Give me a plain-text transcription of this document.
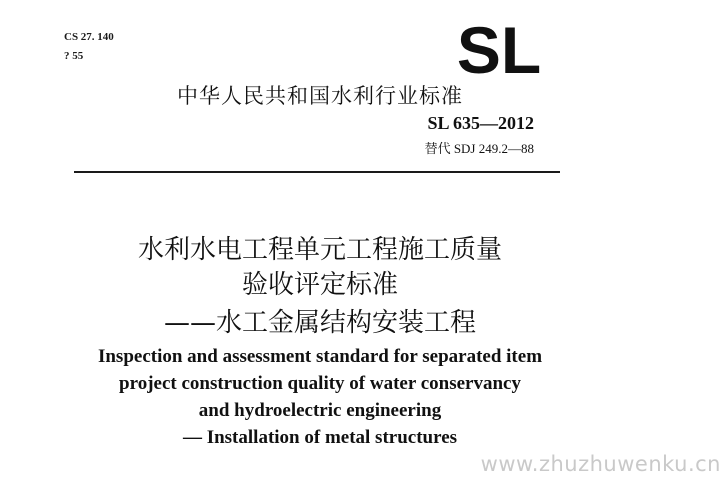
CS 27. 140
? 55	SL
中华人民共和国水利行业标准
SL 635—2012
替代 SDJ 249.2—88
水利水电工程单元工程施工质量
验收评定标准
——水工金属结构安装工程
Inspection and assessment standard for separated item
project construction quality of water conservancy
and hydroelectric engineering
— Installation of metal structures
www.zhuzhuwenku.cn
